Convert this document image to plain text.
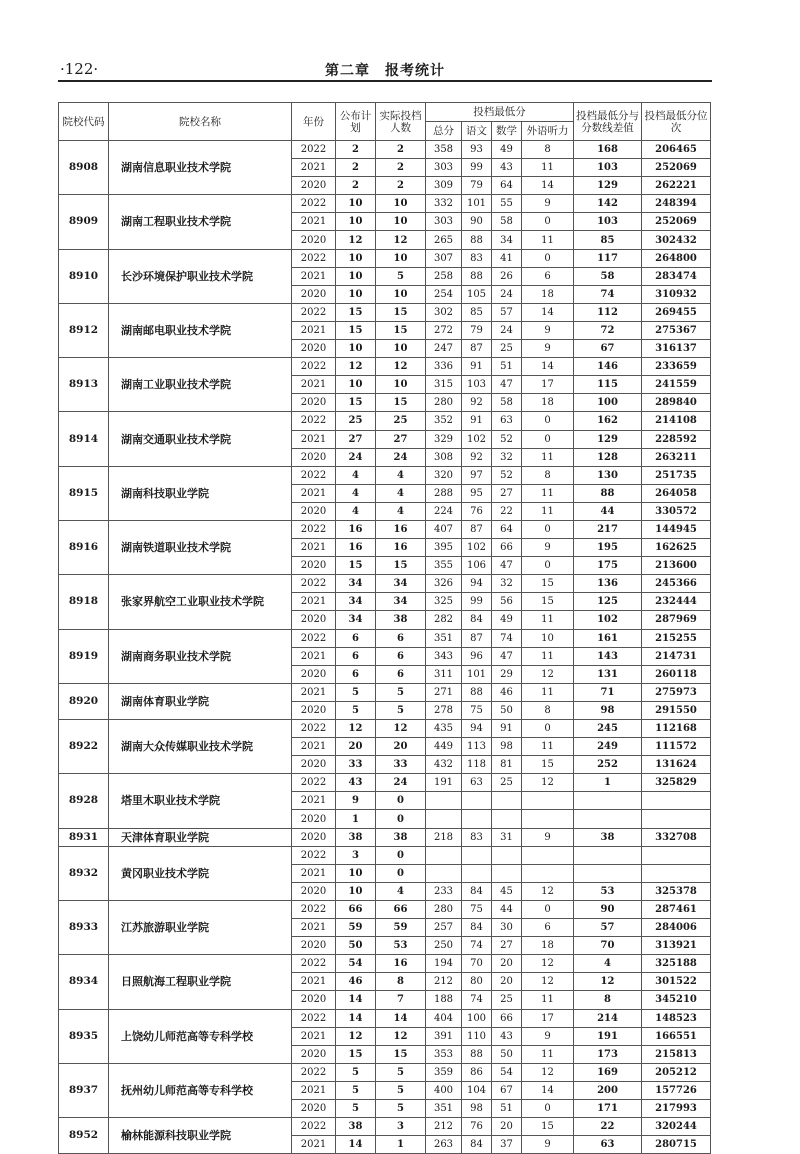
·122·	第二章　报考统计
院校代码	院校名称	年份	公布计划	实际投档人数	投档最低分				投档最低分与分数线差值	投档最低分位次
					总分	语文	数学	外语听力		
8908	湖南信息职业技术学院	2022	2	2	358	93	49	8	168	206465
		2021	2	2	303	99	43	11	103	252069
		2020	2	2	309	79	64	14	129	262221
8909	湖南工程职业技术学院	2022	10	10	332	101	55	9	142	248394
		2021	10	10	303	90	58	0	103	252069
		2020	12	12	265	88	34	11	85	302432
8910	长沙环境保护职业技术学院	2022	10	10	307	83	41	0	117	264800
		2021	10	5	258	88	26	6	58	283474
		2020	10	10	254	105	24	18	74	310932
8912	湖南邮电职业技术学院	2022	15	15	302	85	57	14	112	269455
		2021	15	15	272	79	24	9	72	275367
		2020	10	10	247	87	25	9	67	316137
8913	湖南工业职业技术学院	2022	12	12	336	91	51	14	146	233659
		2021	10	10	315	103	47	17	115	241559
		2020	15	15	280	92	58	18	100	289840
8914	湖南交通职业技术学院	2022	25	25	352	91	63	0	162	214108
		2021	27	27	329	102	52	0	129	228592
		2020	24	24	308	92	32	11	128	263211
8915	湖南科技职业学院	2022	4	4	320	97	52	8	130	251735
		2021	4	4	288	95	27	11	88	264058
		2020	4	4	224	76	22	11	44	330572
8916	湖南铁道职业技术学院	2022	16	16	407	87	64	0	217	144945
		2021	16	16	395	102	66	9	195	162625
		2020	15	15	355	106	47	0	175	213600
8918	张家界航空工业职业技术学院	2022	34	34	326	94	32	15	136	245366
		2021	34	34	325	99	56	15	125	232444
		2020	34	38	282	84	49	11	102	287969
8919	湖南商务职业技术学院	2022	6	6	351	87	74	10	161	215255
		2021	6	6	343	96	47	11	143	214731
		2020	6	6	311	101	29	12	131	260118
8920	湖南体育职业学院	2021	5	5	271	88	46	11	71	275973
		2020	5	5	278	75	50	8	98	291550
8922	湖南大众传媒职业技术学院	2022	12	12	435	94	91	0	245	112168
		2021	20	20	449	113	98	11	249	111572
		2020	33	33	432	118	81	15	252	131624
8928	塔里木职业技术学院	2022	43	24	191	63	25	12	1	325829
		2021	9	0						
		2020	1	0						
8931	天津体育职业学院	2020	38	38	218	83	31	9	38	332708
8932	黄冈职业技术学院	2022	3	0						
		2021	10	0						
		2020	10	4	233	84	45	12	53	325378
8933	江苏旅游职业学院	2022	66	66	280	75	44	0	90	287461
		2021	59	59	257	84	30	6	57	284006
		2020	50	53	250	74	27	18	70	313921
8934	日照航海工程职业学院	2022	54	16	194	70	20	12	4	325188
		2021	46	8	212	80	20	12	12	301522
		2020	14	7	188	74	25	11	8	345210
8935	上饶幼儿师范高等专科学校	2022	14	14	404	100	66	17	214	148523
		2021	12	12	391	110	43	9	191	166551
		2020	15	15	353	88	50	11	173	215813
8937	抚州幼儿师范高等专科学校	2022	5	5	359	86	54	12	169	205212
		2021	5	5	400	104	67	14	200	157726
		2020	5	5	351	98	51	0	171	217993
8952	榆林能源科技职业学院	2022	38	3	212	76	20	15	22	320244
		2021	14	1	263	84	37	9	63	280715
